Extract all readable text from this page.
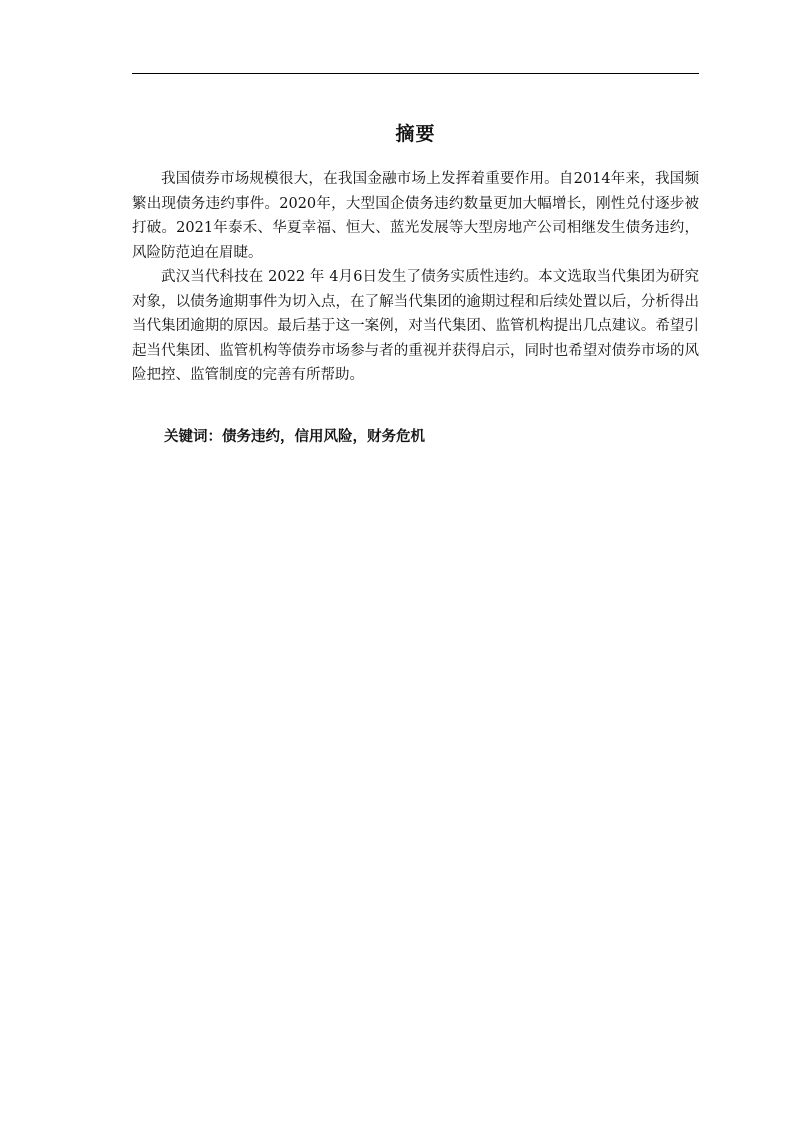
摘要

我国债券市场规模很大，在我国金融市场上发挥着重要作用。自2014年来，我国频繁出现债务违约事件。2020年，大型国企债务违约数量更加大幅增长，刚性兑付逐步被打破。2021年泰禾、华夏幸福、恒大、蓝光发展等大型房地产公司相继发生债务违约，风险防范迫在眉睫。

武汉当代科技在 2022 年 4月6日发生了债务实质性违约。本文选取当代集团为研究对象，以债务逾期事件为切入点，在了解当代集团的逾期过程和后续处置以后，分析得出当代集团逾期的原因。最后基于这一案例，对当代集团、监管机构提出几点建议。希望引起当代集团、监管机构等债券市场参与者的重视并获得启示，同时也希望对债券市场的风险把控、监管制度的完善有所帮助。

关键词：债务违约，信用风险，财务危机
